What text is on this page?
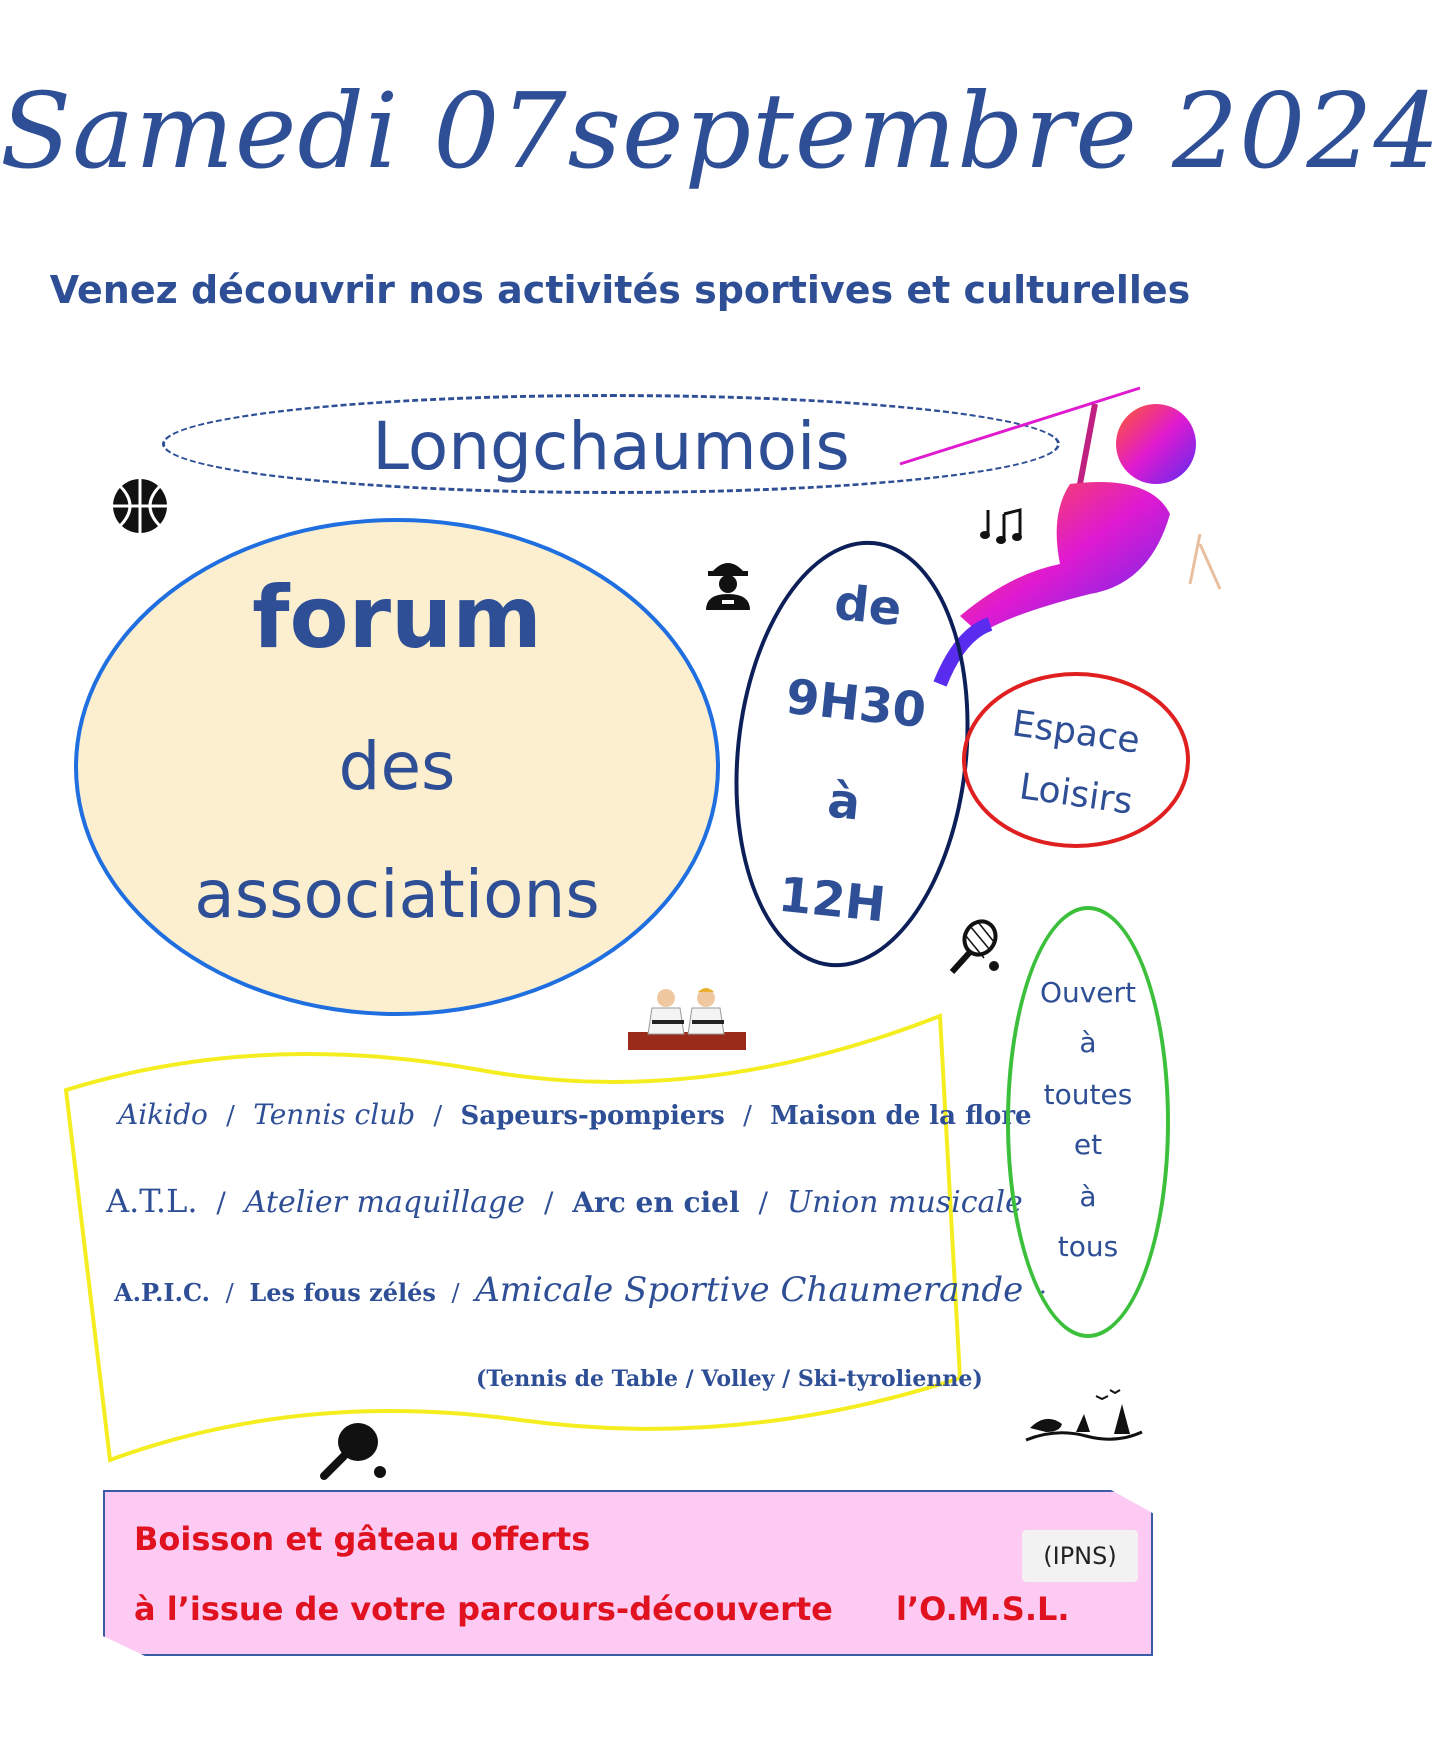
Samedi 07septembre 2024
Venez découvrir nos activités sportives et culturelles
Longchaumois
forum
des
associations
de
9H30
à
12H
Espace
Loisirs
Aikido / Tennis club / Sapeurs-pompiers / Maison de la flore
A.T.L. / Atelier maquillage / Arc en ciel / Union musicale
A.P.I.C. / Les fous zélés / Amicale Sportive Chaumerande :
(Tennis de Table / Volley / Ski-tyrolienne)
Ouvert
à
toutes
et
à
tous
Boisson et gâteau offerts
à l’issue de votre parcours-découverte l’O.M.S.L.
(IPNS)
